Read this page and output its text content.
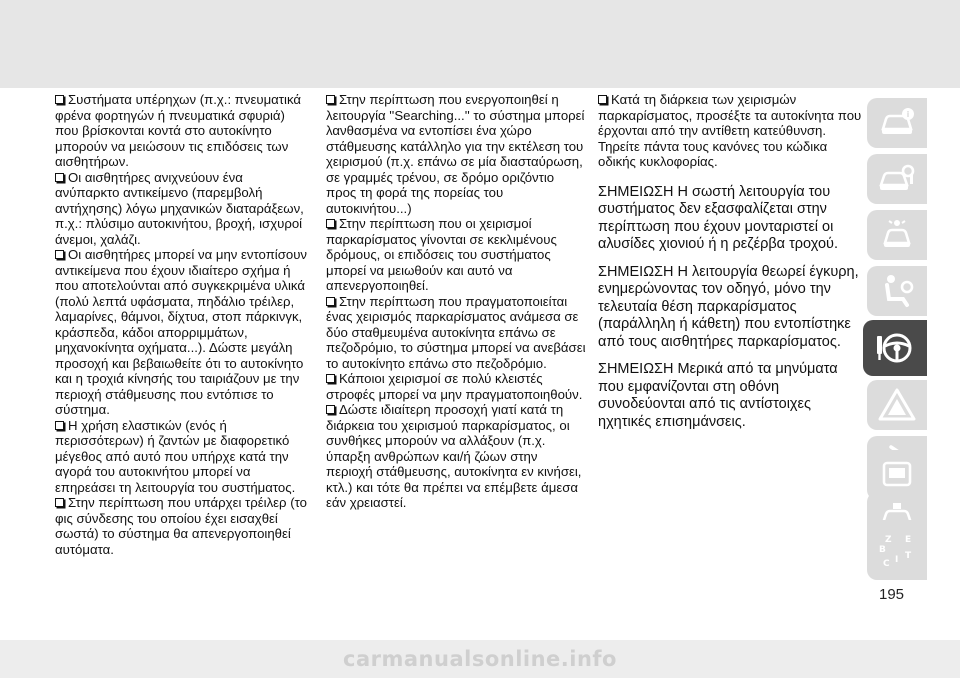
Συστήματα υπέρηχων (π.χ.: πνευματικά φρένα φορτηγών ή πνευματικά σφυριά) που βρίσκονται κοντά στο αυτοκίνητο μπορούν να μειώσουν τις επιδόσεις των αισθητήρων.

Οι αισθητήρες ανιχνεύουν ένα ανύπαρκτο αντικείμενο (παρεμβολή αντήχησης) λόγω μηχανικών διαταράξεων, π.χ.: πλύσιμο αυτοκινήτου, βροχή, ισχυροί άνεμοι, χαλάζι.

Οι αισθητήρες μπορεί να μην εντοπίσουν αντικείμενα που έχουν ιδιαίτερο σχήμα ή που αποτελούνται από συγκεκριμένα υλικά (πολύ λεπτά υφάσματα, πηδάλιο τρέιλερ, λαμαρίνες, θάμνοι, δίχτυα, στοπ πάρκινγκ, κράσπεδα, κάδοι απορριμμάτων, μηχανοκίνητα οχήματα...). Δώστε μεγάλη προσοχή και βεβαιωθείτε ότι το αυτοκίνητο και η τροχιά κίνησής του ταιριάζουν με την περιοχή στάθμευσης που εντόπισε το σύστημα.

Η χρήση ελαστικών (ενός ή περισσότερων) ή ζαντών με διαφορετικό μέγεθος από αυτό που υπήρχε κατά την αγορά του αυτοκινήτου μπορεί να επηρεάσει τη λειτουργία του συστήματος.

Στην περίπτωση που υπάρχει τρέιλερ (το φις σύνδεσης του οποίου έχει εισαχθεί σωστά) το σύστημα θα απενεργοποιηθεί αυτόματα.

Στην περίπτωση που ενεργοποιηθεί η λειτουργία ''Searching...'' το σύστημα μπορεί λανθασμένα να εντοπίσει ένα χώρο στάθμευσης κατάλληλο για την εκτέλεση του χειρισμού (π.χ. επάνω σε μία διασταύρωση, σε γραμμές τρένου, σε δρόμο οριζόντιο προς τη φορά της πορείας του αυτοκινήτου...)

Στην περίπτωση που οι χειρισμοί παρκαρίσματος γίνονται σε κεκλιμένους δρόμους, οι επιδόσεις του συστήματος μπορεί να μειωθούν και αυτό να απενεργοποιηθεί.

Στην περίπτωση που πραγματοποιείται ένας χειρισμός παρκαρίσματος ανάμεσα σε δύο σταθμευμένα αυτοκίνητα επάνω σε πεζοδρόμιο, το σύστημα μπορεί να ανεβάσει το αυτοκίνητο επάνω στο πεζοδρόμιο.

Κάποιοι χειρισμοί σε πολύ κλειστές στροφές μπορεί να μην πραγματοποιηθούν.

Δώστε ιδιαίτερη προσοχή γιατί κατά τη διάρκεια του χειρισμού παρκαρίσματος, οι συνθήκες μπορούν να αλλάξουν (π.χ. ύπαρξη ανθρώπων και/ή ζώων στην περιοχή στάθμευσης, αυτοκίνητα εν κινήσει, κτλ.) και τότε θα πρέπει να επέμβετε άμεσα εάν χρειαστεί.

Κατά τη διάρκεια των χειρισμών παρκαρίσματος, προσέξτε τα αυτοκίνητα που έρχονται από την αντίθετη κατεύθυνση. Τηρείτε πάντα τους κανόνες του κώδικα οδικής κυκλοφορίας.

ΣΗΜΕΙΩΣΗ Η σωστή λειτουργία του συστήματος δεν εξασφαλίζεται στην περίπτωση που έχουν μονταριστεί οι αλυσίδες χιονιού ή η ρεζέρβα τροχού.

ΣΗΜΕΙΩΣΗ Η λειτουργία θεωρεί έγκυρη, ενημερώνοντας τον οδηγό, μόνο την τελευταία θέση παρκαρίσματος (παράλληλη ή κάθετη) που εντοπίστηκε από τους αισθητήρες παρκαρίσματος.

ΣΗΜΕΙΩΣΗ Μερικά από τα μηνύματα που εμφανίζονται στη οθόνη συνοδεύονται από τις αντίστοιχες ηχητικές επισημάνσεις.

i
Z
B
E
I
C
T
195
carmanualsonline.info
